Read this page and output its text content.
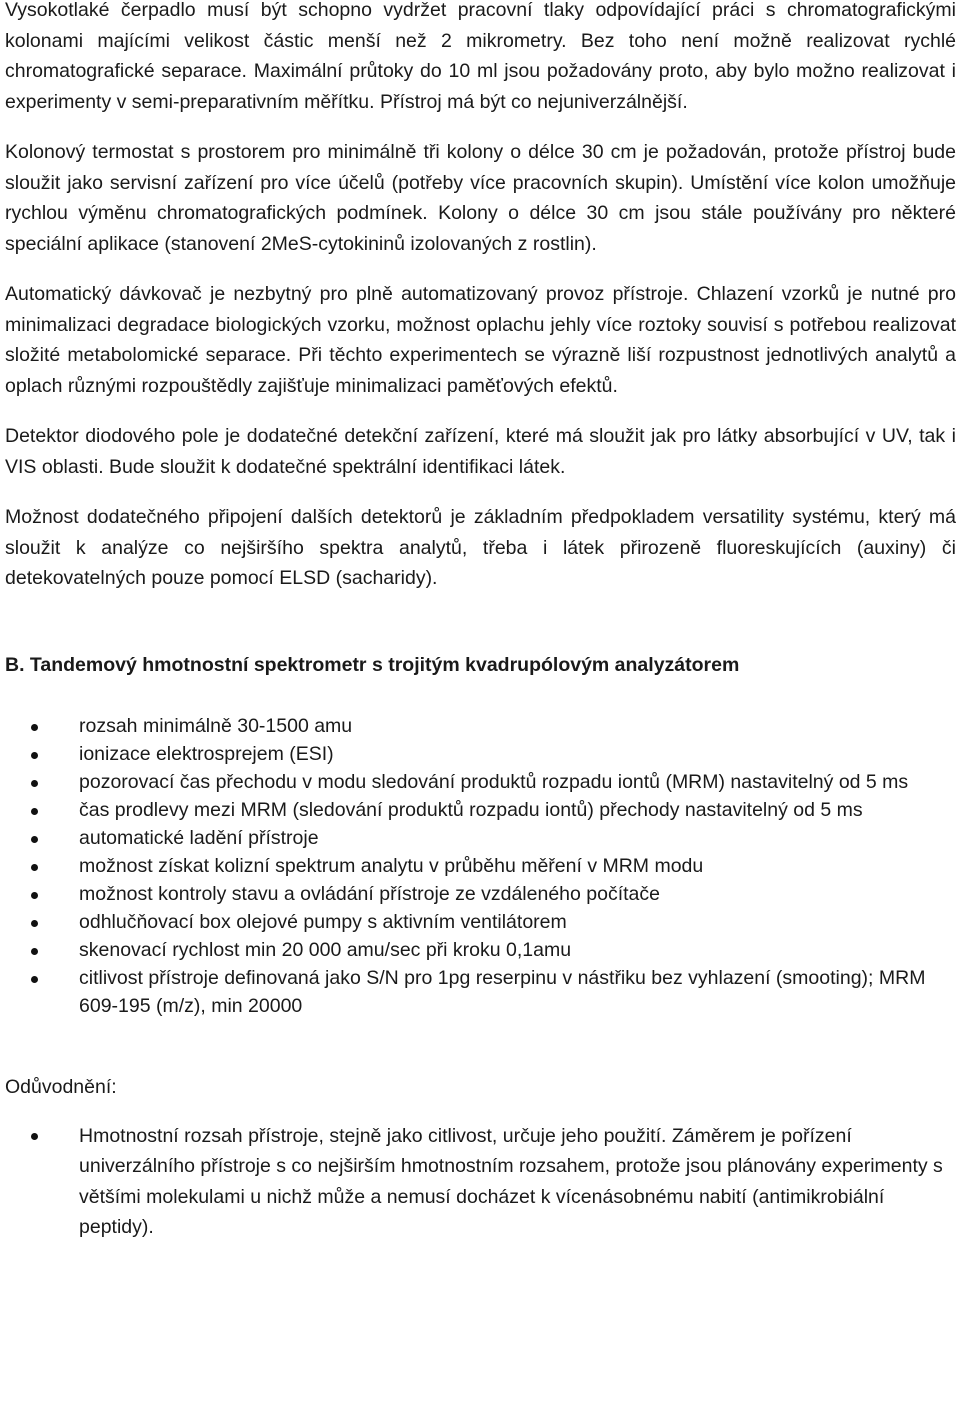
Vysokotlaké čerpadlo musí být schopno vydržet pracovní tlaky odpovídající práci s chromatografickými kolonami majícími velikost částic menší než 2 mikrometry. Bez toho není možně realizovat rychlé chromatografické separace. Maximální průtoky do 10 ml jsou požadovány proto, aby bylo možno realizovat i experimenty v semi-preparativním měřítku. Přístroj má být co nejuniverzálnější.

Kolonový termostat s prostorem pro minimálně tři kolony o délce 30 cm je požadován, protože přístroj bude sloužit jako servisní zařízení pro více účelů (potřeby více pracovních skupin). Umístění více kolon umožňuje rychlou výměnu chromatografických podmínek. Kolony o délce 30 cm jsou stále používány pro některé speciální aplikace (stanovení 2MeS-cytokininů izolovaných z rostlin).

Automatický dávkovač je nezbytný pro plně automatizovaný provoz přístroje. Chlazení vzorků je nutné pro minimalizaci degradace biologických vzorku, možnost oplachu jehly více roztoky souvisí s potřebou realizovat složité metabolomické separace. Při těchto experimentech se výrazně liší rozpustnost jednotlivých analytů a oplach různými rozpouštědly zajišťuje minimalizaci paměťových efektů.

Detektor diodového pole je dodatečné detekční zařízení, které má sloužit jak pro látky absorbující v UV, tak i VIS oblasti. Bude sloužit k dodatečné spektrální identifikaci látek.

Možnost dodatečného připojení dalších detektorů je základním předpokladem versatility systému, který má sloužit k analýze co nejširšího spektra analytů, třeba i látek přirozeně fluoreskujících (auxiny) či detekovatelných pouze pomocí ELSD (sacharidy).

B. Tandemový hmotnostní spektrometr s trojitým kvadrupólovým analyzátorem

rozsah minimálně 30-1500 amu
ionizace elektrosprejem (ESI)
pozorovací čas přechodu v modu sledování produktů rozpadu iontů (MRM) nastavitelný od 5 ms
čas prodlevy mezi MRM (sledování produktů rozpadu iontů) přechody nastavitelný od 5 ms
automatické ladění přístroje
možnost získat kolizní spektrum analytu v průběhu měření v MRM modu
možnost kontroly stavu a ovládání přístroje ze vzdáleného počítače
odhlučňovací box olejové pumpy s aktivním ventilátorem
skenovací rychlost min 20 000 amu/sec při kroku 0,1amu
citlivost přístroje definovaná jako S/N pro 1pg reserpinu v nástřiku bez vyhlazení (smooting); MRM 609-195 (m/z), min 20000

Odůvodnění:

Hmotnostní rozsah přístroje, stejně jako citlivost, určuje jeho použití. Záměrem je pořízení univerzálního přístroje s co nejširším hmotnostním rozsahem, protože jsou plánovány experimenty s většími molekulami u nichž může a nemusí docházet k vícenásobnému nabití (antimikrobiální peptidy).
